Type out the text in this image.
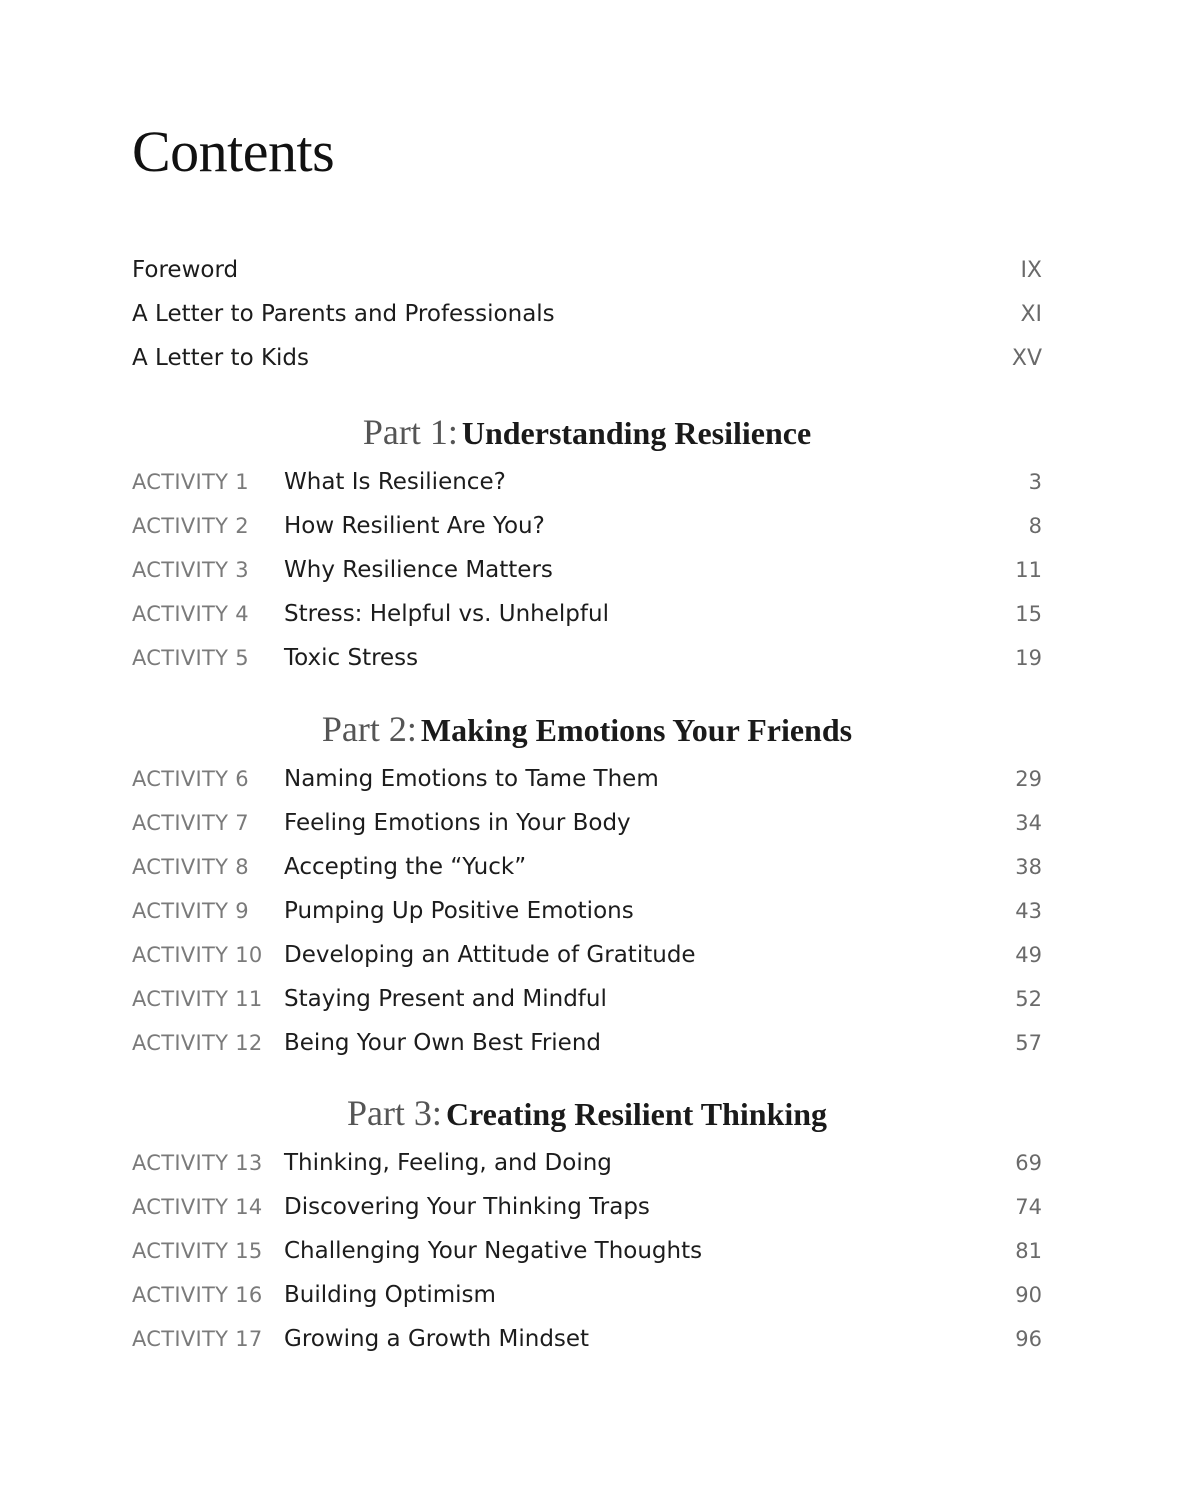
Contents
Foreword	IX
A Letter to Parents and Professionals	XI
A Letter to Kids	XV
Part 1: Understanding Resilience
ACTIVITY 1	What Is Resilience?	3
ACTIVITY 2	How Resilient Are You?	8
ACTIVITY 3	Why Resilience Matters	11
ACTIVITY 4	Stress: Helpful vs. Unhelpful	15
ACTIVITY 5	Toxic Stress	19
Part 2: Making Emotions Your Friends
ACTIVITY 6	Naming Emotions to Tame Them	29
ACTIVITY 7	Feeling Emotions in Your Body	34
ACTIVITY 8	Accepting the “Yuck”	38
ACTIVITY 9	Pumping Up Positive Emotions	43
ACTIVITY 10 Developing an Attitude of Gratitude	49
ACTIVITY 11 Staying Present and Mindful	52
ACTIVITY 12 Being Your Own Best Friend	57
Part 3: Creating Resilient Thinking
ACTIVITY 13 Thinking, Feeling, and Doing	69
ACTIVITY 14 Discovering Your Thinking Traps	74
ACTIVITY 15 Challenging Your Negative Thoughts	81
ACTIVITY 16 Building Optimism	90
ACTIVITY 17 Growing a Growth Mindset	96
